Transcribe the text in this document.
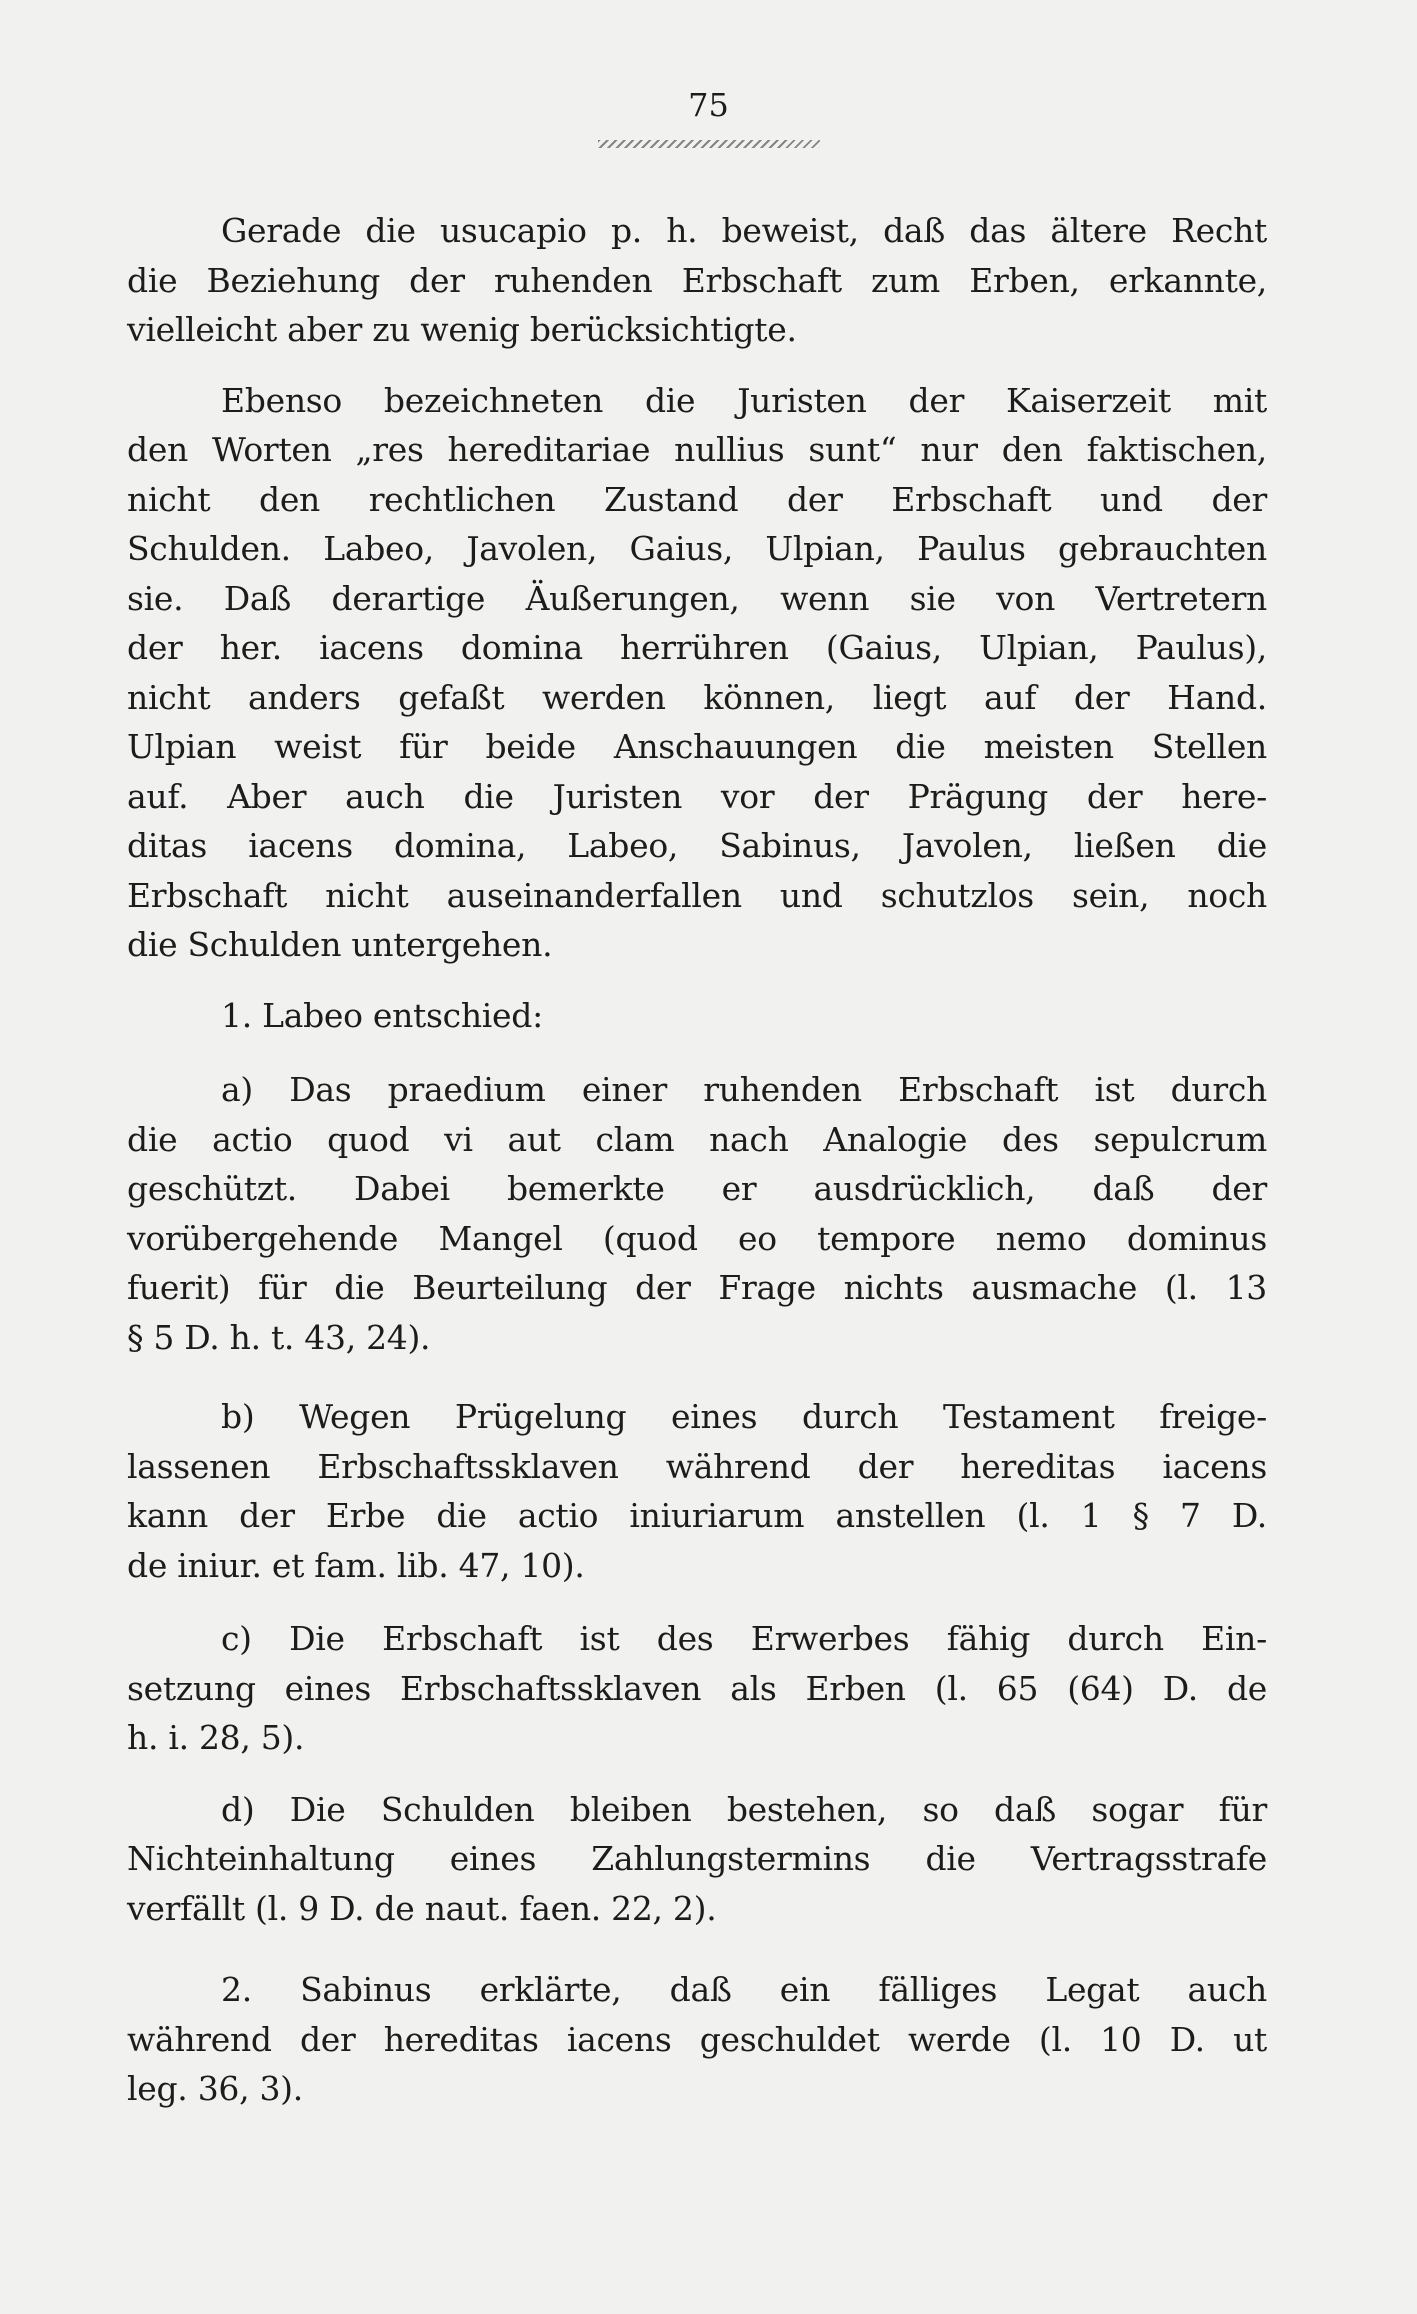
75
Gerade die usucapio p. h. beweist, daß das ältere Recht
die Beziehung der ruhenden Erbschaft zum Erben, erkannte,
vielleicht aber zu wenig berücksichtigte.
Ebenso bezeichneten die Juristen der Kaiserzeit mit
den Worten „res hereditariae nullius sunt“ nur den faktischen,
nicht den rechtlichen Zustand der Erbschaft und der
Schulden. Labeo, Javolen, Gaius, Ulpian, Paulus gebrauchten
sie. Daß derartige Äußerungen, wenn sie von Vertretern
der her. iacens domina herrühren (Gaius, Ulpian, Paulus),
nicht anders gefaßt werden können, liegt auf der Hand.
Ulpian weist für beide Anschauungen die meisten Stellen
auf. Aber auch die Juristen vor der Prägung der here-
ditas iacens domina, Labeo, Sabinus, Javolen, ließen die
Erbschaft nicht auseinanderfallen und schutzlos sein, noch
die Schulden untergehen.
1. Labeo entschied:
a) Das praedium einer ruhenden Erbschaft ist durch
die actio quod vi aut clam nach Analogie des sepulcrum
geschützt. Dabei bemerkte er ausdrücklich, daß der
vorübergehende Mangel (quod eo tempore nemo dominus
fuerit) für die Beurteilung der Frage nichts ausmache (l. 13
§ 5 D. h. t. 43, 24).
b) Wegen Prügelung eines durch Testament freige-
lassenen Erbschaftssklaven während der hereditas iacens
kann der Erbe die actio iniuriarum anstellen (l. 1 § 7 D.
de iniur. et fam. lib. 47, 10).
c) Die Erbschaft ist des Erwerbes fähig durch Ein-
setzung eines Erbschaftssklaven als Erben (l. 65 (64) D. de
h. i. 28, 5).
d) Die Schulden bleiben bestehen, so daß sogar für
Nichteinhaltung eines Zahlungstermins die Vertragsstrafe
verfällt (l. 9 D. de naut. faen. 22, 2).
2. Sabinus erklärte, daß ein fälliges Legat auch
während der hereditas iacens geschuldet werde (l. 10 D. ut
leg. 36, 3).
